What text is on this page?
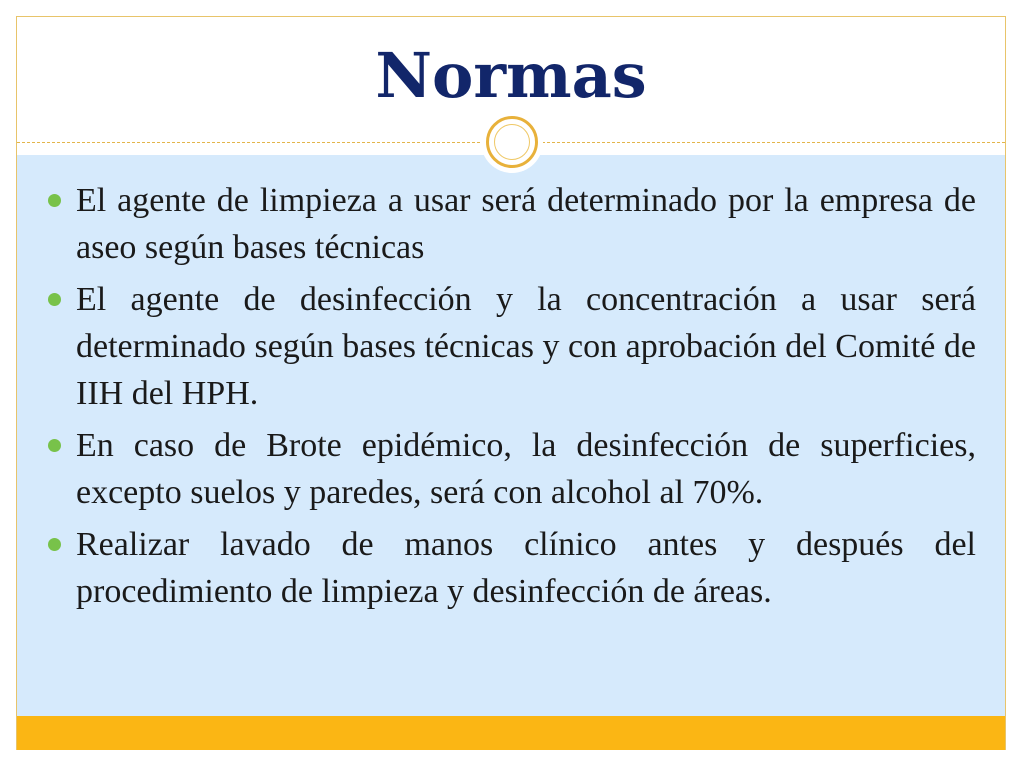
Normas
El agente de limpieza a usar será determinado por la empresa de aseo según bases técnicas
El agente de desinfección y la concentración a usar será determinado según bases técnicas y con aprobación del Comité de IIH del HPH.
En caso de Brote epidémico, la desinfección de superficies, excepto suelos y paredes, será con alcohol al 70%.
Realizar lavado de manos clínico antes y después del procedimiento de limpieza y desinfección de áreas.
